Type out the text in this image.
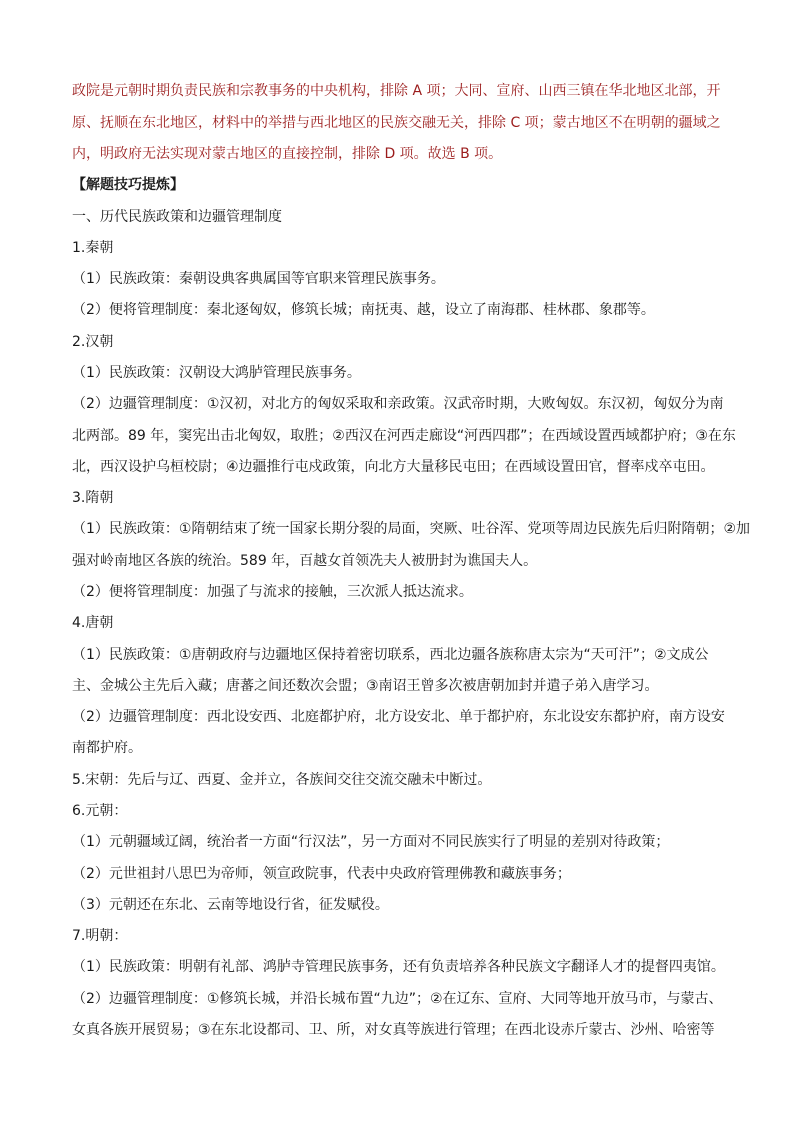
政院是元朝时期负责民族和宗教事务的中央机构，排除 A 项；大同、宣府、山西三镇在华北地区北部，开
原、抚顺在东北地区，材料中的举措与西北地区的民族交融无关，排除 C 项；蒙古地区不在明朝的疆域之
内，明政府无法实现对蒙古地区的直接控制，排除 D 项。故选 B 项。
【解题技巧提炼】
一、历代民族政策和边疆管理制度
1.秦朝
（1）民族政策：秦朝设典客典属国等官职来管理民族事务。
（2）便将管理制度：秦北逐匈奴，修筑长城；南抚夷、越，设立了南海郡、桂林郡、象郡等。
2.汉朝
（1）民族政策：汉朝设大鸿胪管理民族事务。
（2）边疆管理制度：①汉初，对北方的匈奴采取和亲政策。汉武帝时期，大败匈奴。东汉初，匈奴分为南
北两部。89 年，窦宪出击北匈奴，取胜；②西汉在河西走廊设“河西四郡”；在西域设置西域都护府；③在东
北，西汉设护乌桓校尉；④边疆推行屯戍政策，向北方大量移民屯田；在西域设置田官，督率戍卒屯田。
3.隋朝
（1）民族政策：①隋朝结束了统一国家长期分裂的局面，突厥、吐谷浑、党项等周边民族先后归附隋朝；②加
强对岭南地区各族的统治。589 年，百越女首领冼夫人被册封为谯国夫人。
（2）便将管理制度：加强了与流求的接触，三次派人抵达流求。
4.唐朝
（1）民族政策：①唐朝政府与边疆地区保持着密切联系，西北边疆各族称唐太宗为“天可汗”；②文成公
主、金城公主先后入藏；唐蕃之间还数次会盟；③南诏王曾多次被唐朝加封并遣子弟入唐学习。
（2）边疆管理制度：西北设安西、北庭都护府，北方设安北、单于都护府，东北设安东都护府，南方设安
南都护府。
5.宋朝：先后与辽、西夏、金并立，各族间交往交流交融未中断过。
6.元朝：
（1）元朝疆域辽阔，统治者一方面“行汉法”，另一方面对不同民族实行了明显的差别对待政策；
（2）元世祖封八思巴为帝师，领宣政院事，代表中央政府管理佛教和藏族事务；
（3）元朝还在东北、云南等地设行省，征发赋役。
7.明朝：
（1）民族政策：明朝有礼部、鸿胪寺管理民族事务，还有负责培养各种民族文字翻译人才的提督四夷馆。
（2）边疆管理制度：①修筑长城，并沿长城布置“九边”；②在辽东、宣府、大同等地开放马市，与蒙古、
女真各族开展贸易；③在东北设都司、卫、所，对女真等族进行管理；在西北设赤斤蒙古、沙州、哈密等
